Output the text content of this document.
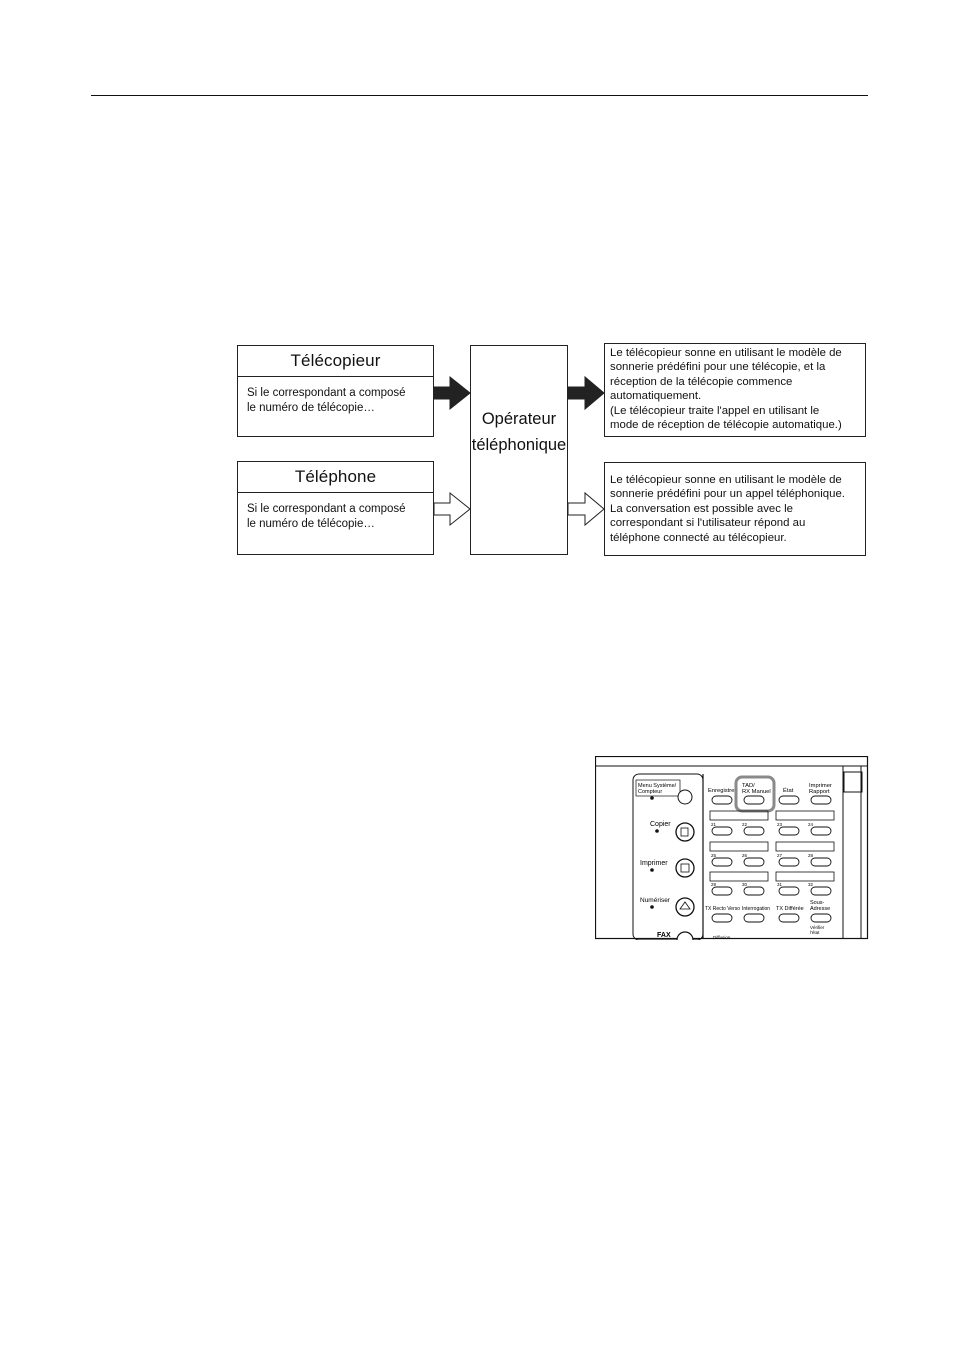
Télécopieur
Si le correspondant a composé
le numéro de télécopie…
Téléphone
Si le correspondant a composé
le numéro de télécopie…
Opérateur
téléphonique
Le télécopieur sonne en utilisant le modèle de
sonnerie prédéfini pour une télécopie, et la
réception de la télécopie commence
automatiquement.
(Le télécopieur traite l'appel en utilisant le
mode de réception de télécopie automatique.)
Le télécopieur sonne en utilisant le modèle de
sonnerie prédéfini pour un appel téléphonique.
La conversation est possible avec le
correspondant si l'utilisateur répond au
téléphone connecté au télécopieur.
Menu Système/
Compteur
Copier
Imprimer
Numériser
FAX
Enregistrer
TAD/
RX Manuel État
Imprimer
Rapport
21	22	23	24
25	26	27	28
29	30	31	32
TX Recto Verso Interrogation TX Différée
Sous-
Adresse
Vérifier
l'état
Diffusion
